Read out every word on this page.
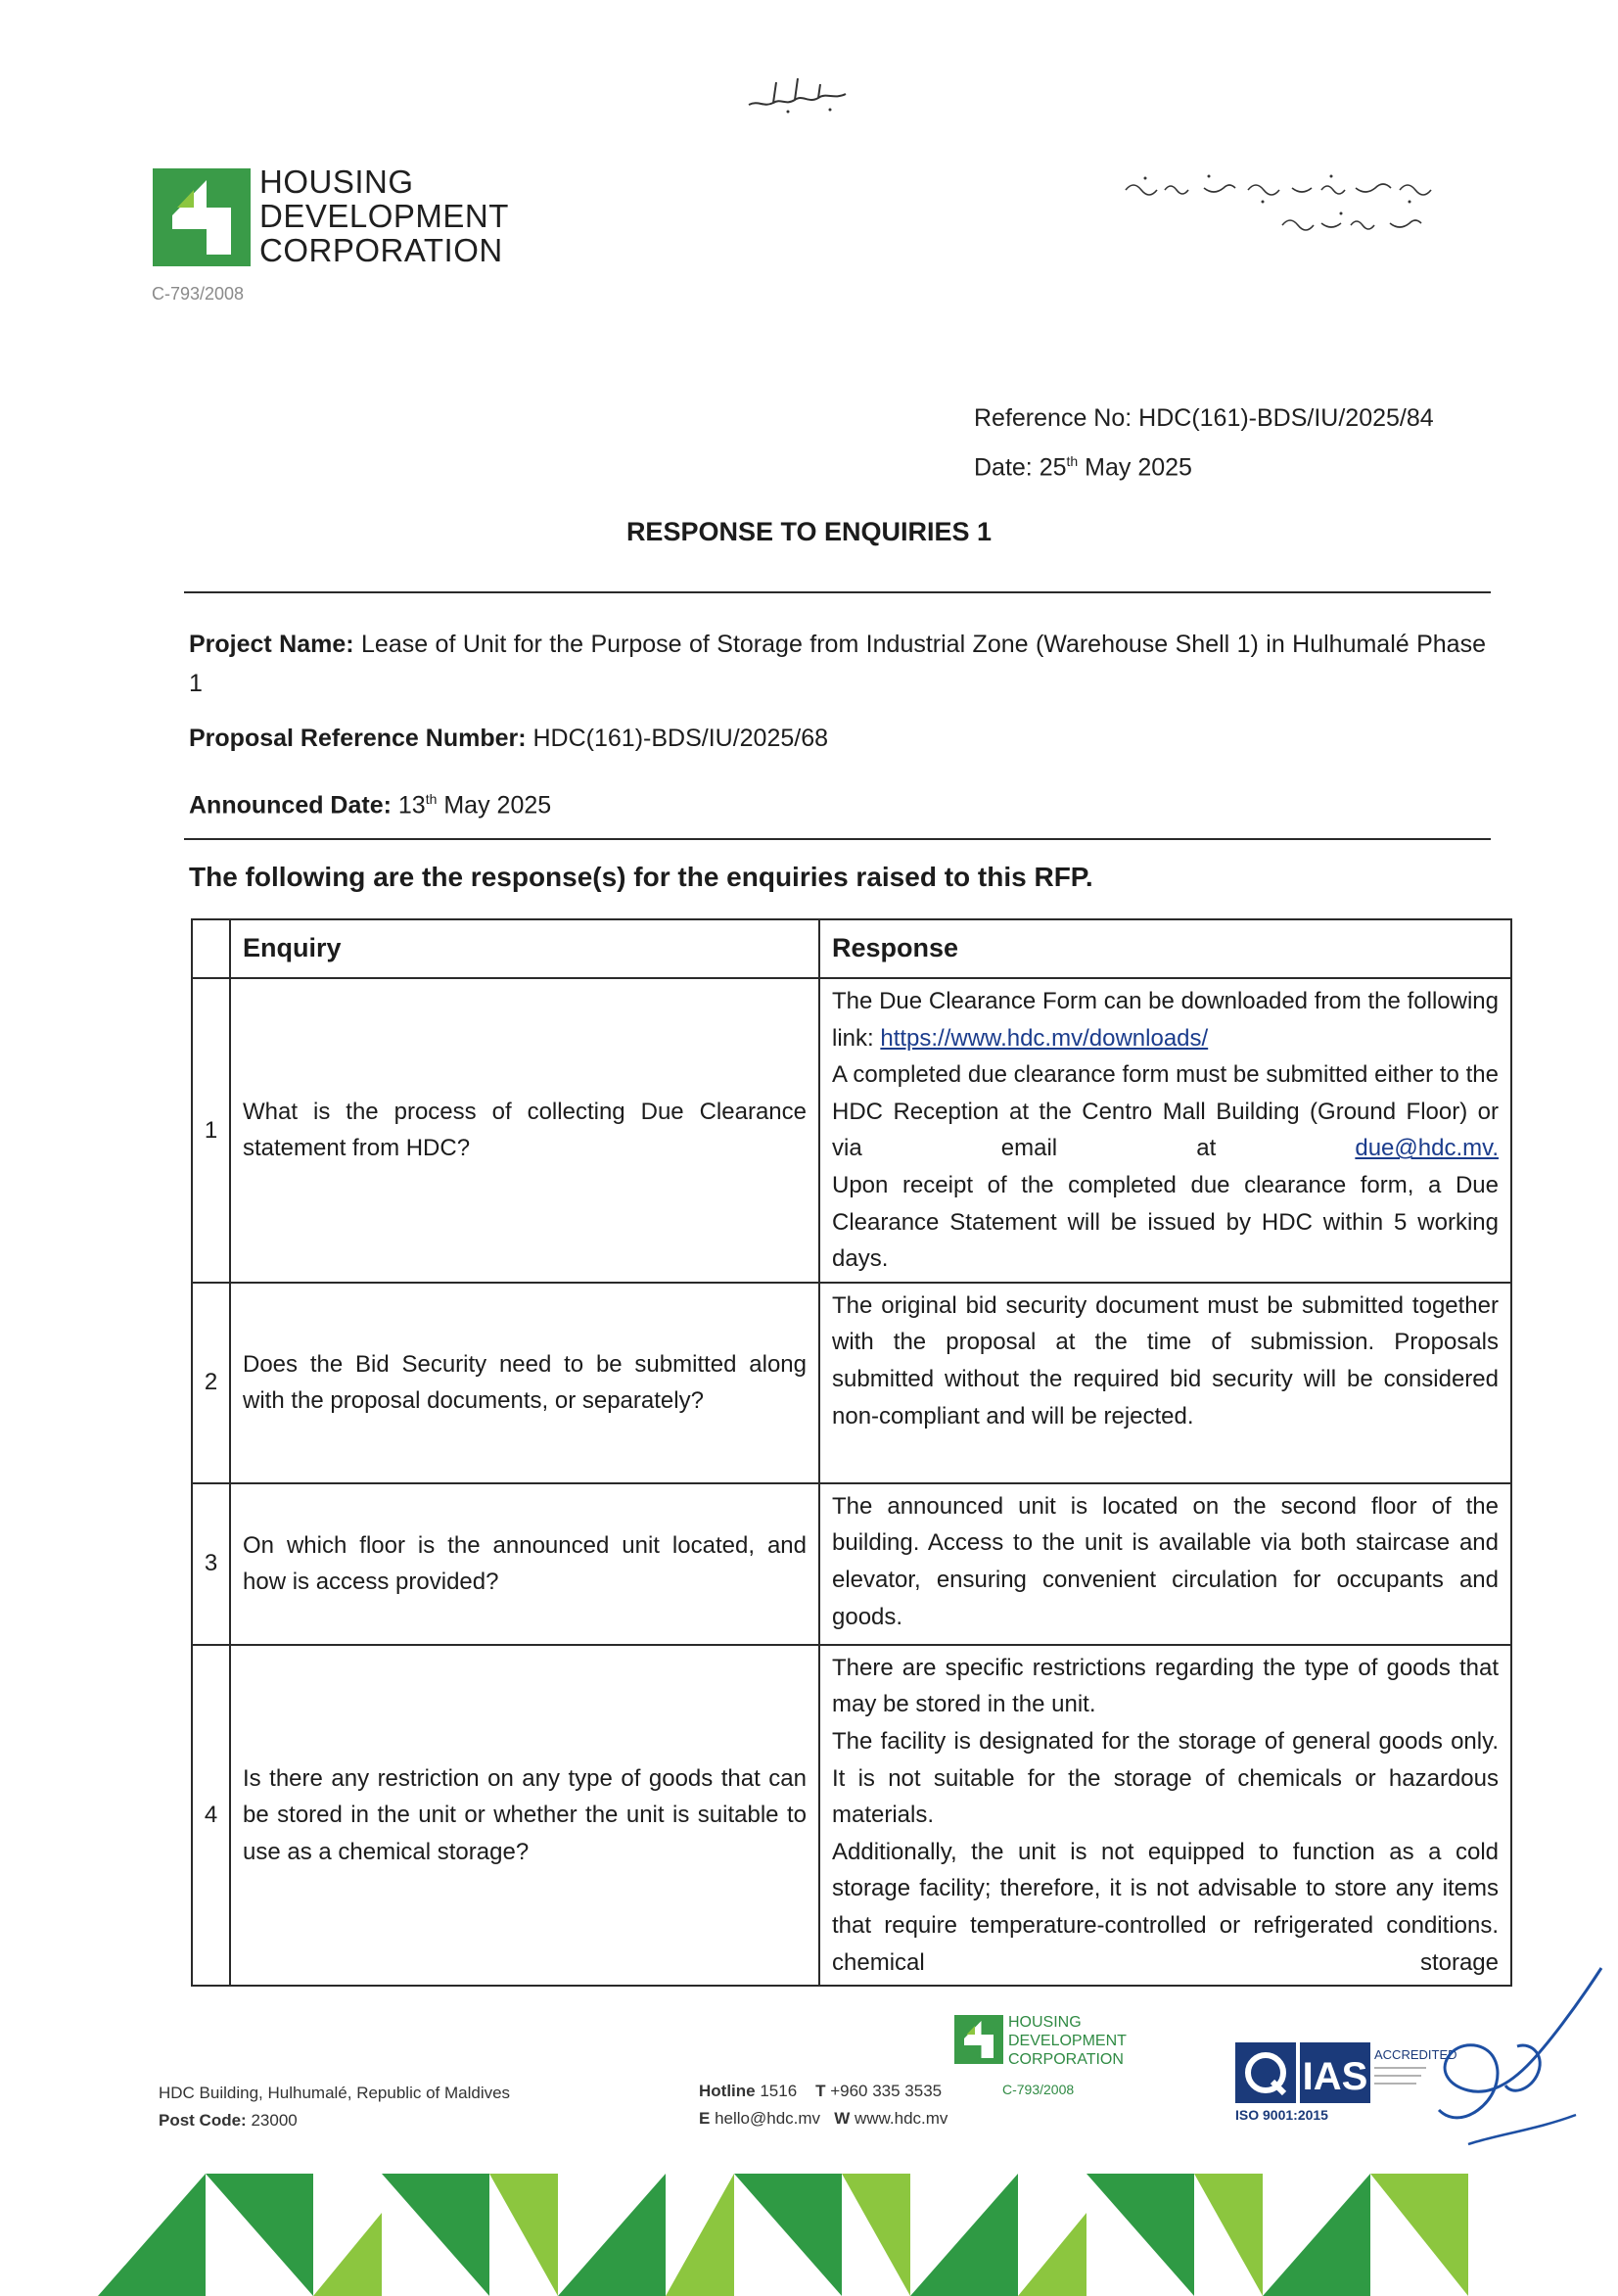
HOUSING
DEVELOPMENT
CORPORATION
C-793/2008
Reference No: HDC(161)-BDS/IU/2025/84
Date: 25th May 2025
RESPONSE TO ENQUIRIES 1
Project Name: Lease of Unit for the Purpose of Storage from Industrial Zone (Warehouse Shell 1) in Hulhumalé Phase 1
Proposal Reference Number: HDC(161)-BDS/IU/2025/68
Announced Date: 13th May 2025
The following are the response(s) for the enquiries raised to this RFP.
	Enquiry	Response
1	What is the process of collecting Due Clearance statement from HDC?	The Due Clearance Form can be downloaded from the following link: https://www.hdc.mv/downloads/
A completed due clearance form must be submitted either to the HDC Reception at the Centro Mall Building (Ground Floor) or via email at due@hdc.mv.
Upon receipt of the completed due clearance form, a Due Clearance Statement will be issued by HDC within 5 working days.

2	Does the Bid Security need to be submitted along with the proposal documents, or separately?	The original bid security document must be submitted together with the proposal at the time of submission. Proposals submitted without the required bid security will be considered non-compliant and will be rejected.

3	On which floor is the announced unit located, and how is access provided?	The announced unit is located on the second floor of the building. Access to the unit is available via both staircase and elevator, ensuring convenient circulation for occupants and goods.

4	Is there any restriction on any type of goods that can be stored in the unit or whether the unit is suitable to use as a chemical storage?	There are specific restrictions regarding the type of goods that may be stored in the unit.
The facility is designated for the storage of general goods only. It is not suitable for the storage of chemicals or hazardous materials.
Additionally, the unit is not equipped to function as a cold storage facility; therefore, it is not advisable to store any items that require temperature-controlled or refrigerated conditions. chemical storage
HDC Building, Hulhumalé, Republic of Maldives
Post Code: 23000
Hotline 1516 T +960 335 3535
E hello@hdc.mv W www.hdc.mv
HOUSING
DEVELOPMENT
CORPORATION
C-793/2008	IAS
ACCREDITED
ISO 9001:2015
